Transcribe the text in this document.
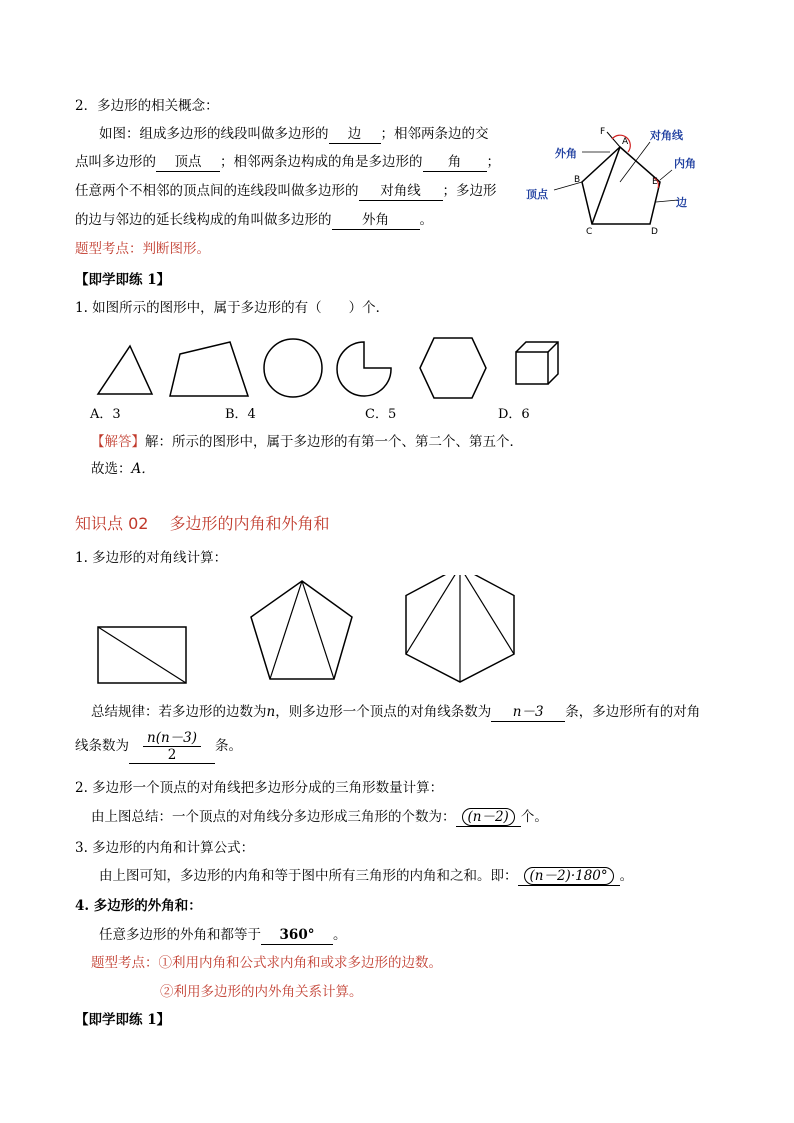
2．多边形的相关概念：
如图：组成多边形的线段叫做多边形的 边 ；相邻两条边的交
点叫多边形的 顶点 ；相邻两条边构成的角是多边形的 角 ；
任意两个不相邻的顶点间的连线段叫做多边形的 对角线 ；多边形
的边与邻边的延长线构成的角叫做多边形的 外角 。
题型考点：判断图形。
F
A
B	E
C	D
外角
对角线
内角
顶点
边
【即学即练 1】
1. 如图所示的图形中，属于多边形的有（　　）个．
A．3	B．4	C．5	D．6
【解答】解：所示的图形中，属于多边形的有第一个、第二个、第五个．
故选：A．
知识点 02　 多边形的内角和外角和
1. 多边形的对角线计算：
总结规律：若多边形的边数为n，则多边形一个顶点的对角线条数为 n－3 条，多边形所有的对角
线条数为 $\frac{n(n-3)}{2}$ 条。
2. 多边形一个顶点的对角线把多边形分成的三角形数量计算：
由上图总结：一个顶点的对角线分多边形成三角形的个数为： (n－2) 个。
3. 多边形的内角和计算公式：
由上图可知，多边形的内角和等于图中所有三角形的内角和之和。即： (n－2)·180° 。
4. 多边形的外角和：
任意多边形的外角和都等于 360° 。
题型考点：①利用内角和公式求内角和或求多边形的边数。
②利用多边形的内外角关系计算。
【即学即练 1】
